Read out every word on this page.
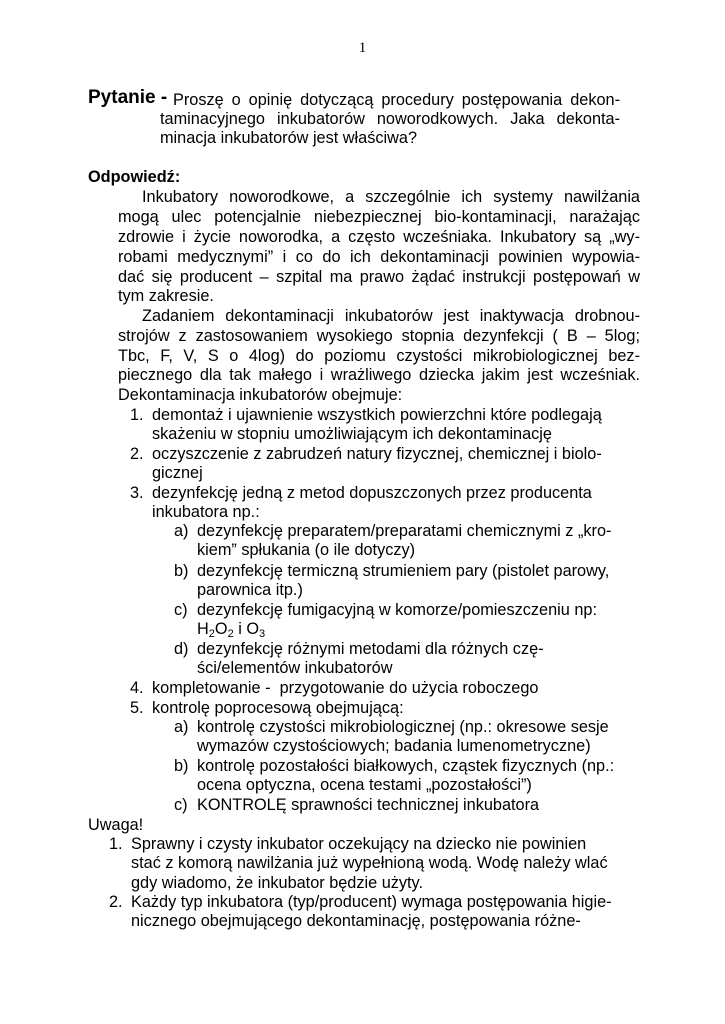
1
Pytanie - Proszę o opinię dotyczącą procedury postępowania dekon-
taminacyjnego inkubatorów noworodkowych. Jaka dekonta-
minacja inkubatorów jest właściwa?
Odpowiedź:
Inkubatory noworodkowe, a szczególnie ich systemy nawilżania
mogą ulec potencjalnie niebezpiecznej bio-kontaminacji, narażając
zdrowie i życie noworodka, a często wcześniaka. Inkubatory są „wy-
robami medycznymi” i co do ich dekontaminacji powinien wypowia-
dać się producent – szpital ma prawo żądać instrukcji postępowań w
tym zakresie.
Zadaniem dekontaminacji inkubatorów jest inaktywacja drobnou-
strojów z zastosowaniem wysokiego stopnia dezynfekcji ( B – 5log;
Tbc, F, V, S o 4log) do poziomu czystości mikrobiologicznej bez-
piecznego dla tak małego i wrażliwego dziecka jakim jest wcześniak.
Dekontaminacja inkubatorów obejmuje:
1. demontaż i ujawnienie wszystkich powierzchni które podlegają
skażeniu w stopniu umożliwiającym ich dekontaminację
2. oczyszczenie z zabrudzeń natury fizycznej, chemicznej i biolo-
gicznej
3. dezynfekcję jedną z metod dopuszczonych przez producenta
inkubatora np.:
a) dezynfekcję preparatem/preparatami chemicznymi z „kro-
kiem” spłukania (o ile dotyczy)
b) dezynfekcję termiczną strumieniem pary (pistolet parowy,
parownica itp.)
c) dezynfekcję fumigacyjną w komorze/pomieszczeniu np:
$H_2O_2$ i $O_3$
d) dezynfekcję różnymi metodami dla różnych czę-
ści/elementów inkubatorów
4. kompletowanie -  przygotowanie do użycia roboczego
5. kontrolę poprocesową obejmującą:
a) kontrolę czystości mikrobiologicznej (np.: okresowe sesje
wymazów czystościowych; badania lumenometryczne)
b) kontrolę pozostałości białkowych, cząstek fizycznych (np.:
ocena optyczna, ocena testami „pozostałości”)
c) KONTROLĘ sprawności technicznej inkubatora
Uwaga!
1. Sprawny i czysty inkubator oczekujący na dziecko nie powinien
stać z komorą nawilżania już wypełnioną wodą. Wodę należy wlać
gdy wiadomo, że inkubator będzie użyty.
2. Każdy typ inkubatora (typ/producent) wymaga postępowania higie-
nicznego obejmującego dekontaminację, postępowania różne-
